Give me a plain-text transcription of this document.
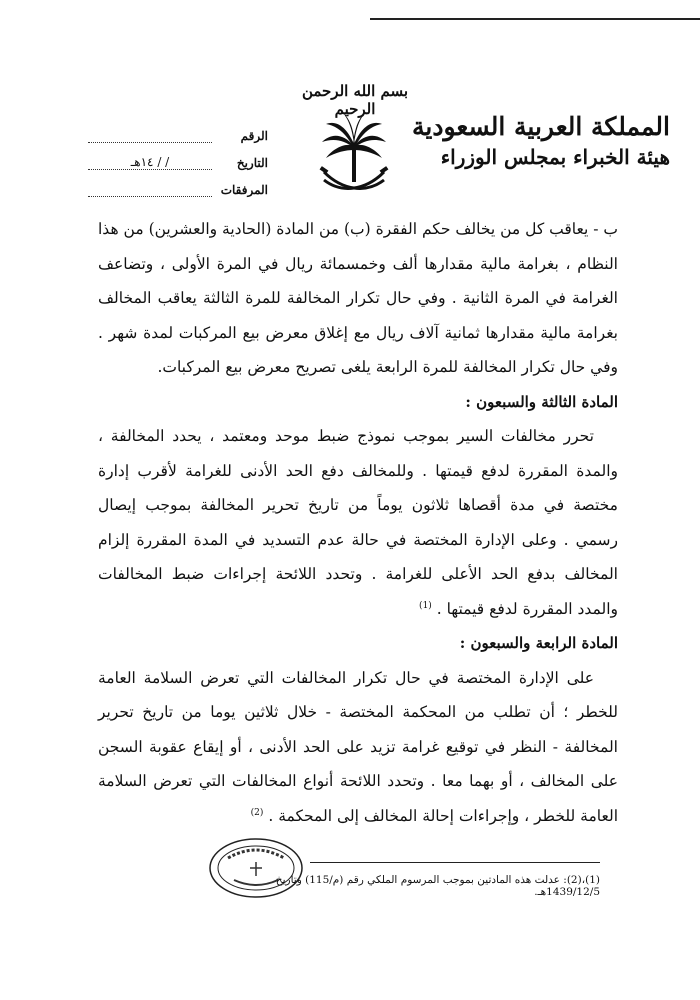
بسم الله الرحمن الرحيم
المملكة العربية السعودية
هيئة الخبراء بمجلس الوزراء
الرقم
التاريخ
/ / ١٤هـ
المرفقات

ب - يعاقب كل من يخالف حكم الفقرة (ب) من المادة (الحادية والعشرين) من هذا النظام ، بغرامة مالية مقدارها ألف وخمسمائة ريال في المرة الأولى ، وتضاعف الغرامة في المرة الثانية . وفي حال تكرار المخالفة للمرة الثالثة يعاقب المخالف بغرامة مالية مقدارها ثمانية آلاف ريال مع إغلاق معرض بيع المركبات لمدة شهر . وفي حال تكرار المخالفة للمرة الرابعة يلغى تصريح معرض بيع المركبات.

المادة الثالثة والسبعون :

تحرر مخالفات السير بموجب نموذج ضبط موحد ومعتمد ، يحدد المخالفة ، والمدة المقررة لدفع قيمتها . وللمخالف دفع الحد الأدنى للغرامة لأقرب إدارة مختصة في مدة أقصاها ثلاثون يوماً من تاريخ تحرير المخالفة بموجب إيصال رسمي . وعلى الإدارة المختصة في حالة عدم التسديد في المدة المقررة إلزام المخالف بدفع الحد الأعلى للغرامة . وتحدد اللائحة إجراءات ضبط المخالفات والمدد المقررة لدفع قيمتها . $^{(1)}$

المادة الرابعة والسبعون :

على الإدارة المختصة في حال تكرار المخالفات التي تعرض السلامة العامة للخطر ؛ أن تطلب من المحكمة المختصة - خلال ثلاثين يوما من تاريخ تحرير المخالفة - النظر في توقيع غرامة تزيد على الحد الأدنى ، أو إيقاع عقوبة السجن على المخالف ، أو بهما معا . وتحدد اللائحة أنواع المخالفات التي تعرض السلامة العامة للخطر ، وإجراءات إحالة المخالف إلى المحكمة . $^{(2)}$

(1)،(2): عدلت هذه المادتين بموجب المرسوم الملكي رقم (م/115) وتاريخ 1439/12/5هـ.
